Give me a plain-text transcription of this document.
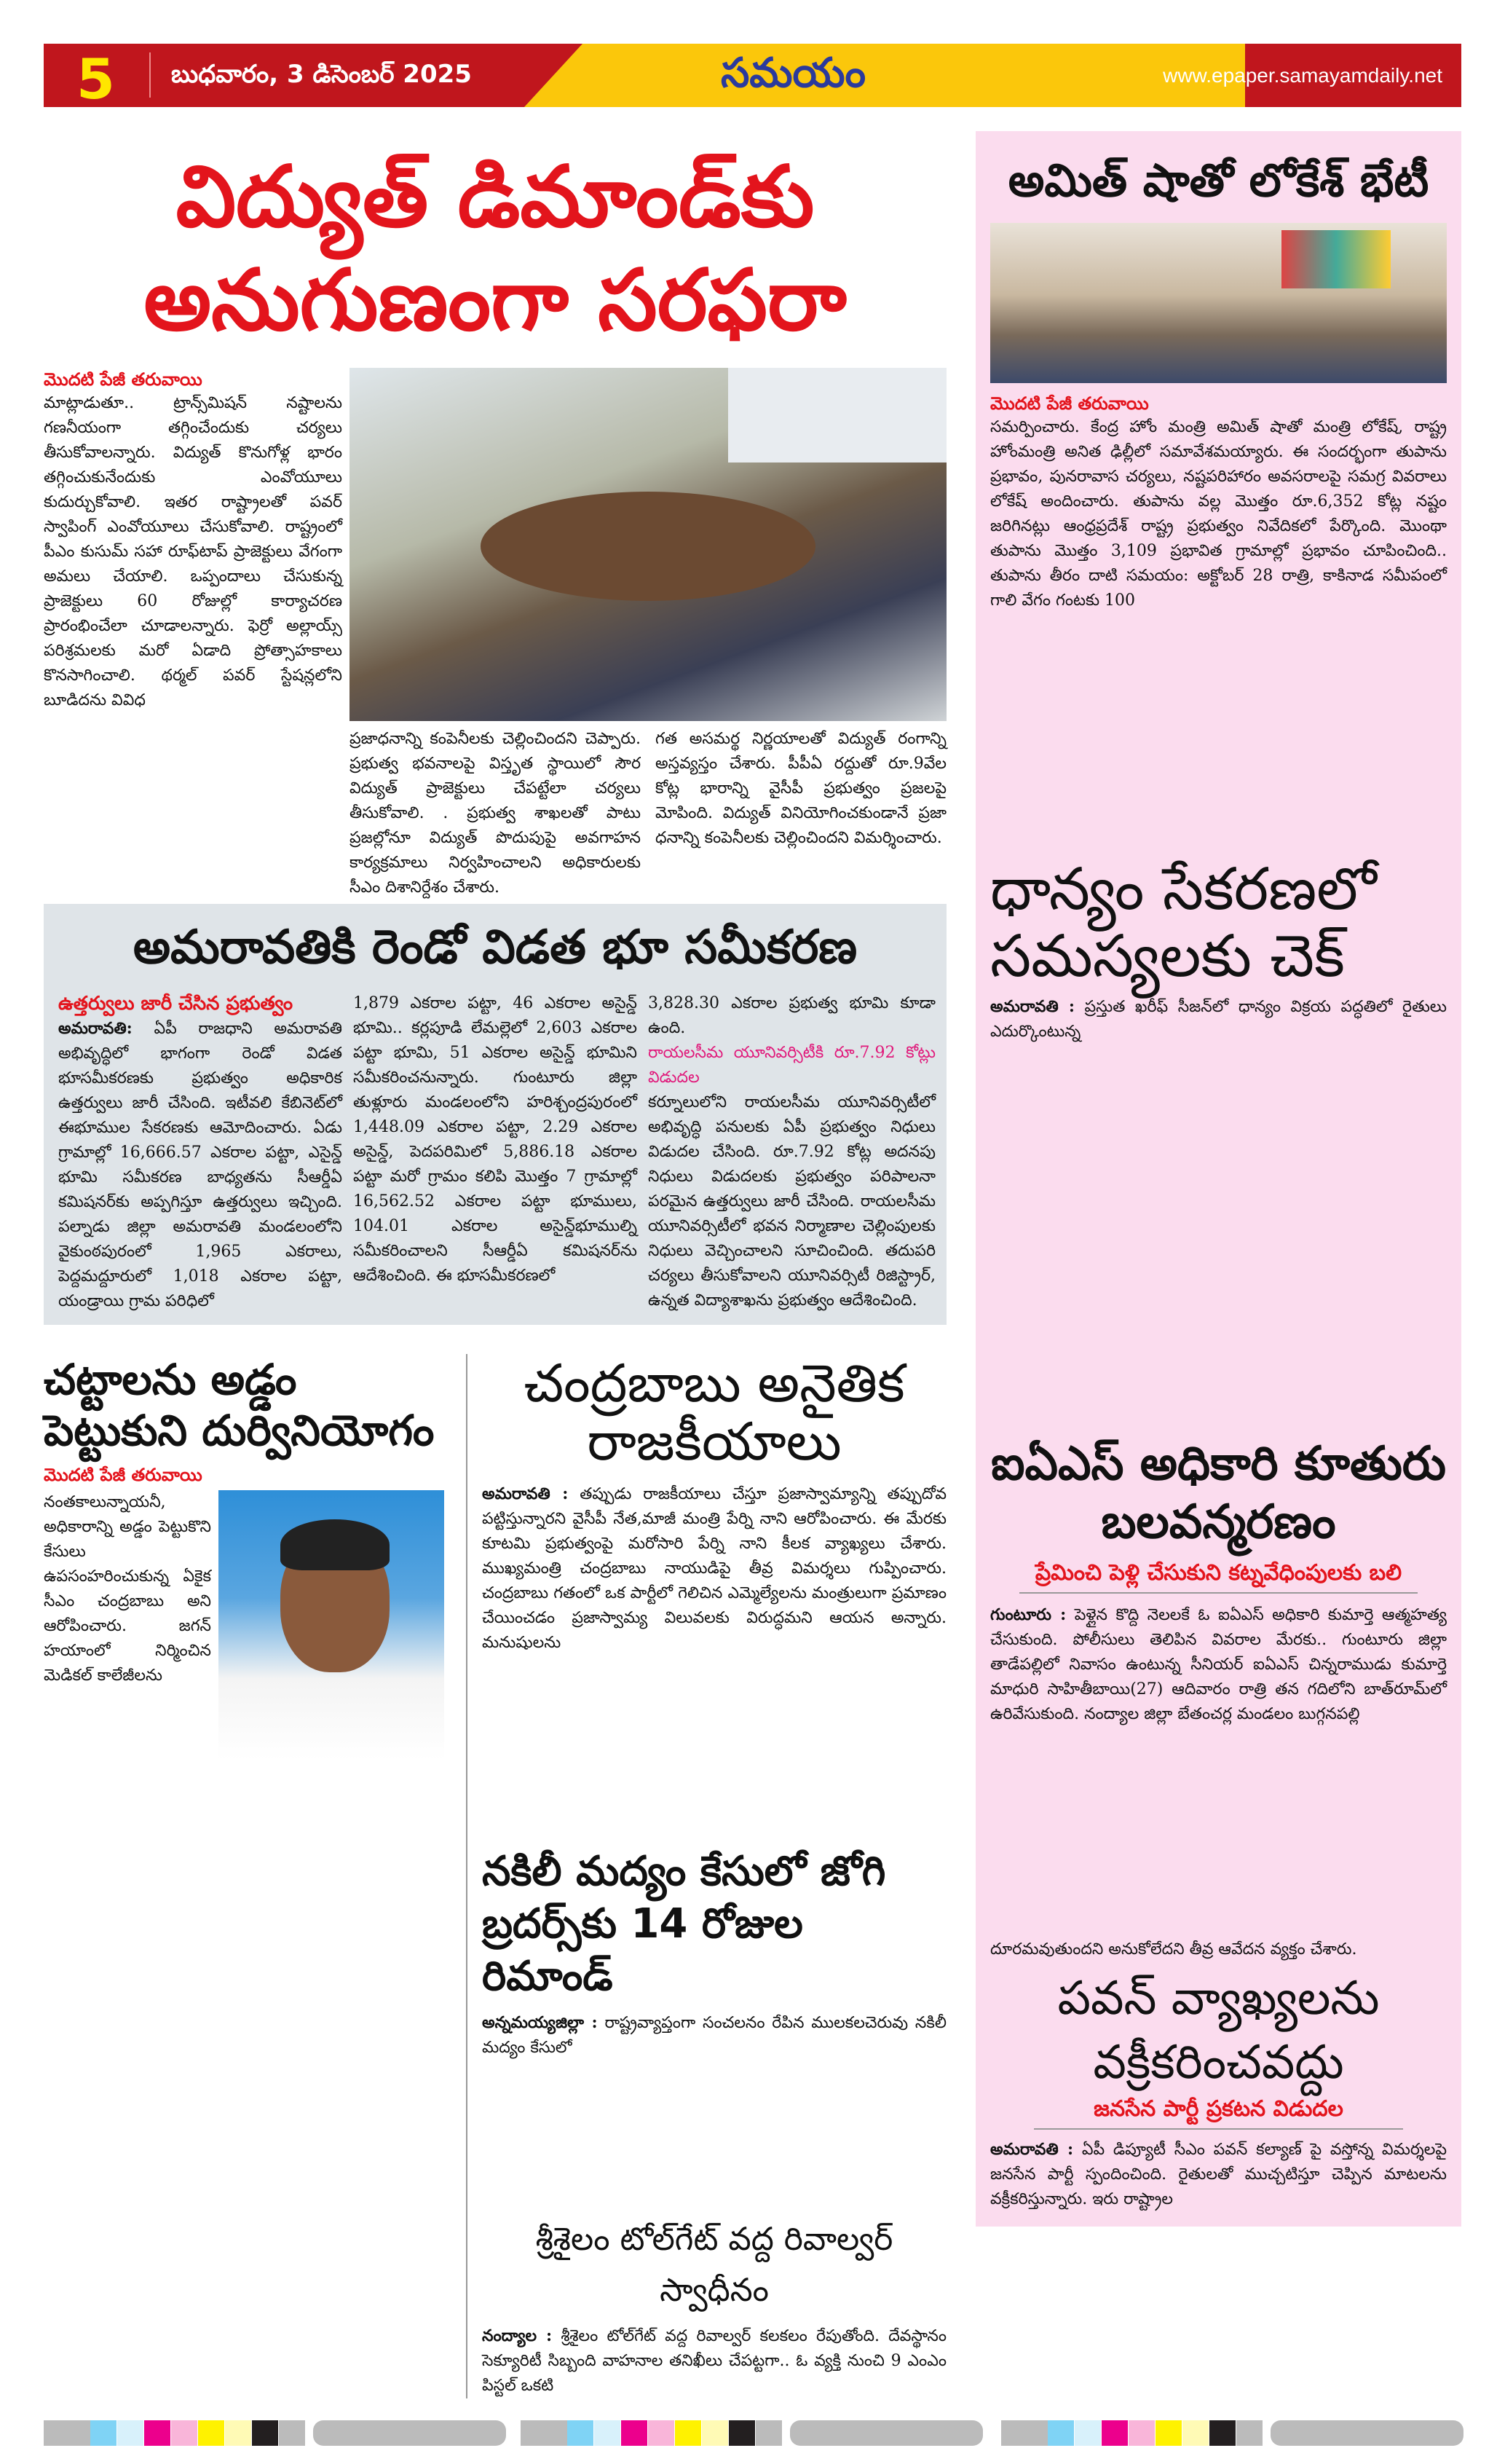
5 బుధవారం, 3 డిసెంబర్ 2025	సమయం	www.epaper.samayamdaily.net
విద్యుత్ డిమాండ్‌కు అనుగుణంగా సరఫరా
మొదటి పేజీ తరువాయి
మాట్లాడుతూ.. ట్రాన్స్‌మిషన్ నష్టాలను గణనీయంగా తగ్గించేందుకు చర్యలు తీసుకోవాలన్నారు. విద్యుత్ కొనుగోళ్ల భారం తగ్గించుకునేందుకు ఎంవోయూలు కుదుర్చుకోవాలి. ఇతర రాష్ట్రాలతో పవర్ స్వాపింగ్ ఎంవోయూలు చేసుకోవాలి. రాష్ట్రంలో పీఎం కుసుమ్ సహా రూఫ్‌టాప్ ప్రాజెక్టులు వేగంగా అమలు చేయాలి. ఒప్పందాలు చేసుకున్న ప్రాజెక్టులు 60 రోజుల్లో కార్యాచరణ ప్రారంభించేలా చూడాలన్నారు. ఫెర్రో అల్లాయ్స్ పరిశ్రమలకు మరో ఏడాది ప్రోత్సాహకాలు కొనసాగించాలి. థర్మల్ పవర్ స్టేషన్లలోని బూడిదను వివిధ
ప్రజాధనాన్ని కంపెనీలకు చెల్లించిందని చెప్పారు. ప్రభుత్వ భవనాలపై విస్తృత స్థాయిలో సౌర విద్యుత్ ప్రాజెక్టులు చేపట్టేలా చర్యలు తీసుకోవాలి. . ప్రభుత్వ శాఖలతో పాటు ప్రజల్లోనూ విద్యుత్ పొదుపుపై అవగాహన కార్యక్రమాలు నిర్వహించాలని అధికారులకు సీఎం దిశానిర్దేశం చేశారు.
గత అసమర్థ నిర్ణయాలతో విద్యుత్ రంగాన్ని అస్తవ్యస్తం చేశారు. పీపీఏ రద్దుతో రూ.9వేల కోట్ల భారాన్ని వైసీపీ ప్రభుత్వం ప్రజలపై మోపింది. విద్యుత్ వినియోగించకుండానే ప్రజా ధనాన్ని కంపెనీలకు చెల్లించిందని విమర్శించారు.
అమరావతికి రెండో విడత భూ సమీకరణ
ఉత్తర్వులు జారీ చేసిన ప్రభుత్వం
అమరావతి: ఏపీ రాజధాని అమరావతి అభివృద్ధిలో భాగంగా రెండో విడత భూసమీకరణకు ప్రభుత్వం అధికారిక ఉత్తర్వులు జారీ చేసింది. ఇటీవలి కేబినెట్‌లో ఈభూముల సేకరణకు ఆమోదించారు. ఏడు గ్రామాల్లో 16,666.57 ఎకరాల పట్టా, ఎసైన్డ్ భూమి సమీకరణ బాధ్యతను సీఆర్డీఏ కమిషనర్‌కు అప్పగిస్తూ ఉత్తర్వులు ఇచ్చింది. పల్నాడు జిల్లా అమరావతి మండలంలోని వైకుంఠపురంలో 1,965 ఎకరాలు, పెద్దమద్దూరులో 1,018 ఎకరాల పట్టా, యండ్రాయి గ్రామ పరిధిలో
1,879 ఎకరాల పట్టా, 46 ఎకరాల అసైన్డ్ భూమి.. కర్లపూడి లేమల్లెలో 2,603 ఎకరాల పట్టా భూమి, 51 ఎకరాల అసైన్డ్ భూమిని సమీకరించనున్నారు. గుంటూరు జిల్లా తుళ్లూరు మండలంలోని హరిశ్చంద్రపురంలో 1,448.09 ఎకరాల పట్టా, 2.29 ఎకరాల అసైన్డ్, పెదపరిమిలో 5,886.18 ఎకరాల పట్టా మరో గ్రామం కలిపి మొత్తం 7 గ్రామాల్లో 16,562.52 ఎకరాల పట్టా భూములు, 104.01 ఎకరాల అసైన్డ్‌భూముల్ని సమీకరించాలని సీఆర్డీఏ కమిషనర్‌ను ఆదేశించింది. ఈ భూసమీకరణలో
3,828.30 ఎకరాల ప్రభుత్వ భూమి కూడా ఉంది.
రాయలసీమ యూనివర్సిటీకి రూ.7.92 కోట్లు విడుదల
కర్నూలులోని రాయలసీమ యూనివర్సిటీలో అభివృద్ధి పనులకు ఏపీ ప్రభుత్వం నిధులు విడుదల చేసింది. రూ.7.92 కోట్ల అదనపు నిధులు విడుదలకు ప్రభుత్వం పరిపాలనా పరమైన ఉత్తర్వులు జారీ చేసింది. రాయలసీమ యూనివర్సిటీలో భవన నిర్మాణాల చెల్లింపులకు నిధులు వెచ్చించాలని సూచించింది. తదుపరి చర్యలు తీసుకోవాలని యూనివర్సిటీ రిజిస్ట్రార్, ఉన్నత విద్యాశాఖను ప్రభుత్వం ఆదేశించింది.
చట్టాలను అడ్డం పెట్టుకుని దుర్వినియోగం
మొదటి పేజీ తరువాయి
నంతకాలున్నాయనీ, అధికారాన్ని అడ్డం పెట్టుకొని కేసులు ఉపసంహరించుకున్న ఏకైక సీఎం చంద్రబాబు అని ఆరోపించారు. జగన్ హయాంలో నిర్మించిన మెడికల్ కాలేజీలను
చంద్రబాబు అనైతిక రాజకీయాలు
అమరావతి : తప్పుడు రాజకీయాలు చేస్తూ ప్రజాస్వామ్యాన్ని తప్పుదోవ పట్టిస్తున్నారని వైసీపీ నేత,మాజీ మంత్రి పేర్ని నాని ఆరోపించారు. ఈ మేరకు కూటమి ప్రభుత్వంపై మరోసారి పేర్ని నాని కీలక వ్యాఖ్యలు చేశారు. ముఖ్యమంత్రి చంద్రబాబు నాయుడిపై తీవ్ర విమర్శలు గుప్పించారు. చంద్రబాబు గతంలో ఒక పార్టీలో గెలిచిన ఎమ్మెల్యేలను మంత్రులుగా ప్రమాణం చేయించడం ప్రజాస్వామ్య విలువలకు విరుద్ధమని ఆయన అన్నారు. మనుషులను
నకిలీ మద్యం కేసులో జోగి బ్రదర్స్‌కు 14 రోజుల రిమాండ్
అన్నమయ్యజిల్లా : రాష్ట్రవ్యాప్తంగా సంచలనం రేపిన ములకలచెరువు నకిలీ మద్యం కేసులో
శ్రీశైలం టోల్‌గేట్ వద్ద రివాల్వర్ స్వాధీనం
నంద్యాల : శ్రీశైలం టోల్‌గేట్ వద్ద రివాల్వర్ కలకలం రేపుతోంది. దేవస్థానం సెక్యూరిటీ సిబ్బంది వాహనాల తనిఖీలు చేపట్టగా.. ఓ వ్యక్తి నుంచి 9 ఎంఎం పిస్టల్ ఒకటి
అమిత్ షాతో లోకేశ్ భేటీ
మొదటి పేజీ తరువాయి
సమర్పించారు. కేంద్ర హోం మంత్రి అమిత్ షాతో మంత్రి లోకేష్, రాష్ట్ర హోంమంత్రి అనిత ఢిల్లీలో సమావేశమయ్యారు. ఈ సందర్భంగా తుపాను ప్రభావం, పునరావాస చర్యలు, నష్టపరిహారం అవసరాలపై సమగ్ర వివరాలు లోకేష్ అందించారు. తుపాను వల్ల మొత్తం రూ.6,352 కోట్ల నష్టం జరిగినట్లు ఆంధ్రప్రదేశ్ రాష్ట్ర ప్రభుత్వం నివేదికలో పేర్కొంది. మొంథా తుపాను మొత్తం 3,109 ప్రభావిత గ్రామాల్లో ప్రభావం చూపించింది.. తుపాను తీరం దాటి సమయం: అక్టోబర్ 28 రాత్రి, కాకినాడ సమీపంలో గాలి వేగం గంటకు 100
ధాన్యం సేకరణలో సమస్యలకు చెక్
అమరావతి : ప్రస్తుత ఖరీఫ్ సీజన్‌లో ధాన్యం విక్రయ పద్ధతిలో రైతులు ఎదుర్కొంటున్న
ఐఏఎస్ అధికారి కూతురు బలవన్మరణం
ప్రేమించి పెళ్లి చేసుకుని కట్నవేధింపులకు బలి
గుంటూరు : పెళ్లైన కొద్ది నెలలకే ఓ ఐఏఎస్ అధికారి కుమార్తె ఆత్మహత్య చేసుకుంది. పోలీసులు తెలిపిన వివరాల మేరకు.. గుంటూరు జిల్లా తాడేపల్లిలో నివాసం ఉంటున్న సీనియర్ ఐఏఎస్ చిన్నరాముడు కుమార్తె మాధురి సాహితీబాయి(27) ఆదివారం రాత్రి తన గదిలోని బాత్‌రూమ్‌లో ఉరివేసుకుంది. నంద్యాల జిల్లా బేతంచర్ల మండలం బుగ్గనపల్లి
దూరమవుతుందని అనుకోలేదని తీవ్ర ఆవేదన వ్యక్తం చేశారు.
పవన్ వ్యాఖ్యలను వక్రీకరించవద్దు
జనసేన పార్టీ ప్రకటన విడుదల
అమరావతి : ఏపీ డిప్యూటీ సీఎం పవన్ కల్యాణ్ పై వస్తోన్న విమర్శలపై జనసేన పార్టీ స్పందించింది. రైతులతో ముచ్చటిస్తూ చెప్పిన మాటలను వక్రీకరిస్తున్నారు. ఇరు రాష్ట్రాల
